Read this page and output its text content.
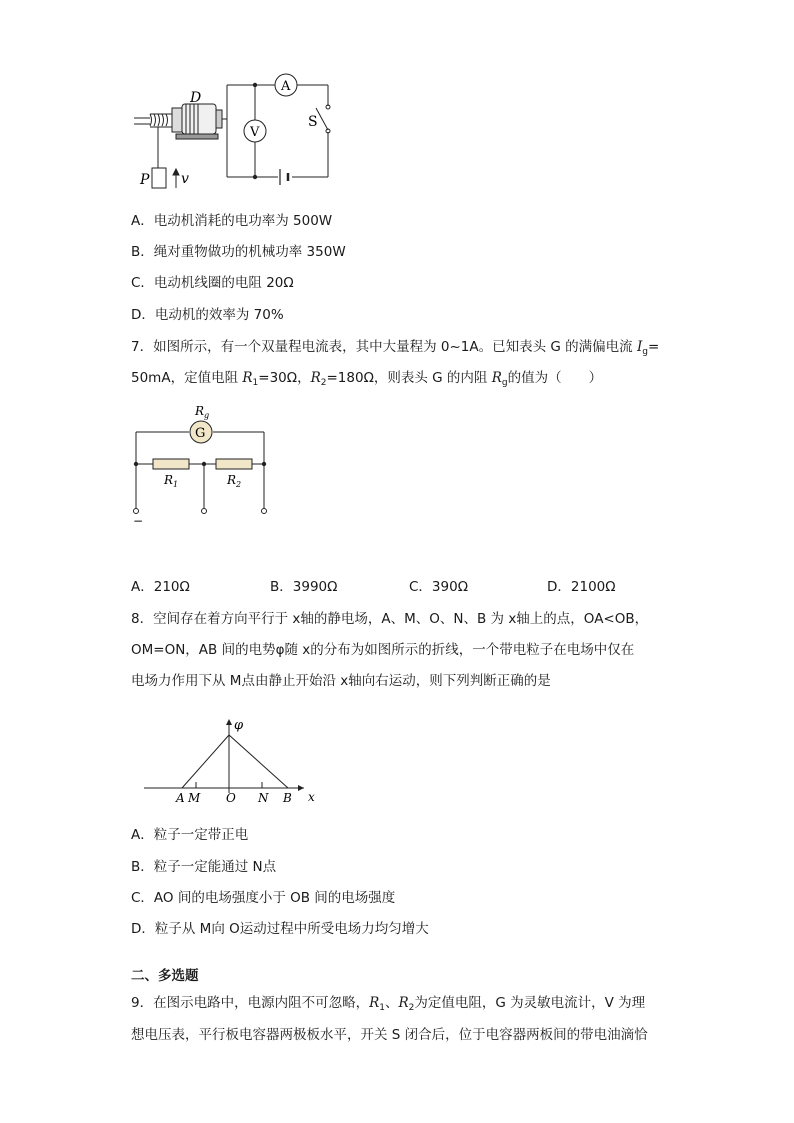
D
P v
A
V
S
A．电动机消耗的电功率为 500W
B．绳对重物做功的机械功率 350W
C．电动机线圈的电阻 20Ω
D．电动机的效率为 70%
7．如图所示，有一个双量程电流表，其中大量程为 0~1A。已知表头 G 的满偏电流 $I_g=$
50mA，定值电阻 $R_1=30\Omega$，$R_2=180\Omega$，则表头 G 的内阻 $R_g$的值为（　　）
G
$R_g$
$R_1$	$R_2$
−
A．210Ω	B．3990Ω	C．390Ω	D．2100Ω
8．空间存在着方向平行于 x轴的静电场，A、M、O、N、B 为 x轴上的点，OA<OB，
OM=ON，AB 间的电势φ随 x的分布为如图所示的折线，一个带电粒子在电场中仅在
电场力作用下从 M点由静止开始沿 x轴向右运动，则下列判断正确的是
φ
A M O N B x
A．粒子一定带正电
B．粒子一定能通过 N点
C．AO 间的电场强度小于 OB 间的电场强度
D．粒子从 M向 O运动过程中所受电场力均匀增大
二、多选题
9．在图示电路中，电源内阻不可忽略，$R_1$、$R_2$为定值电阻，G 为灵敏电流计，V 为理
想电压表，平行板电容器两极板水平，开关 S 闭合后，位于电容器两板间的带电油滴恰
